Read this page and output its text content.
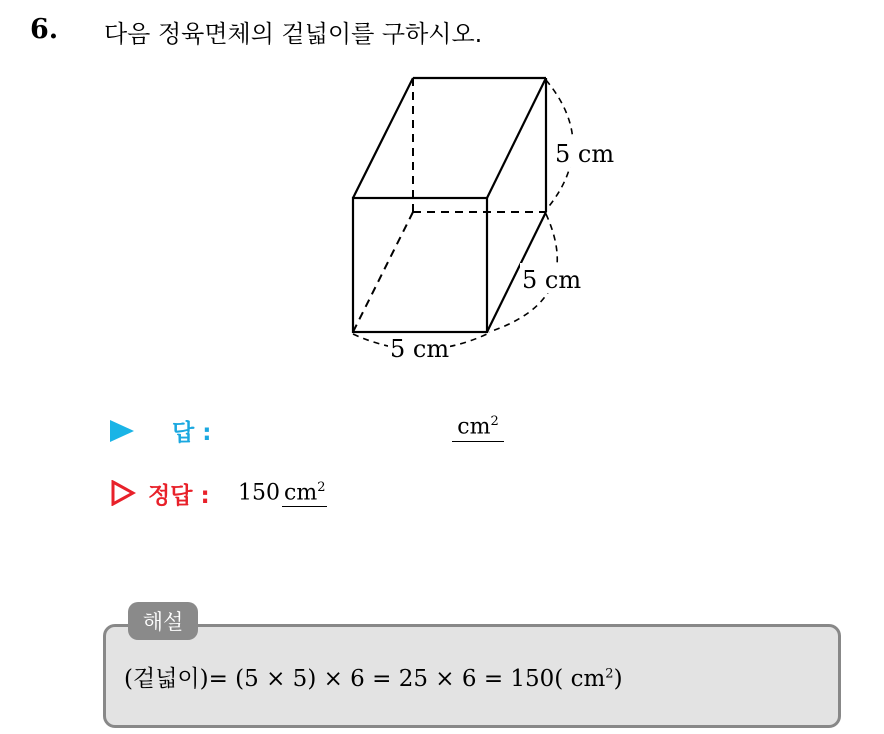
6. 다음 정육면체의 겉넓이를 구하시오.
5 cm
5 cm
5 cm
답 :	$cm^2$
정답 : 150 $cm^2$
해설
(겉넓이)= (5 × 5) × 6 = 25 × 6 = 150( $cm^2$)
